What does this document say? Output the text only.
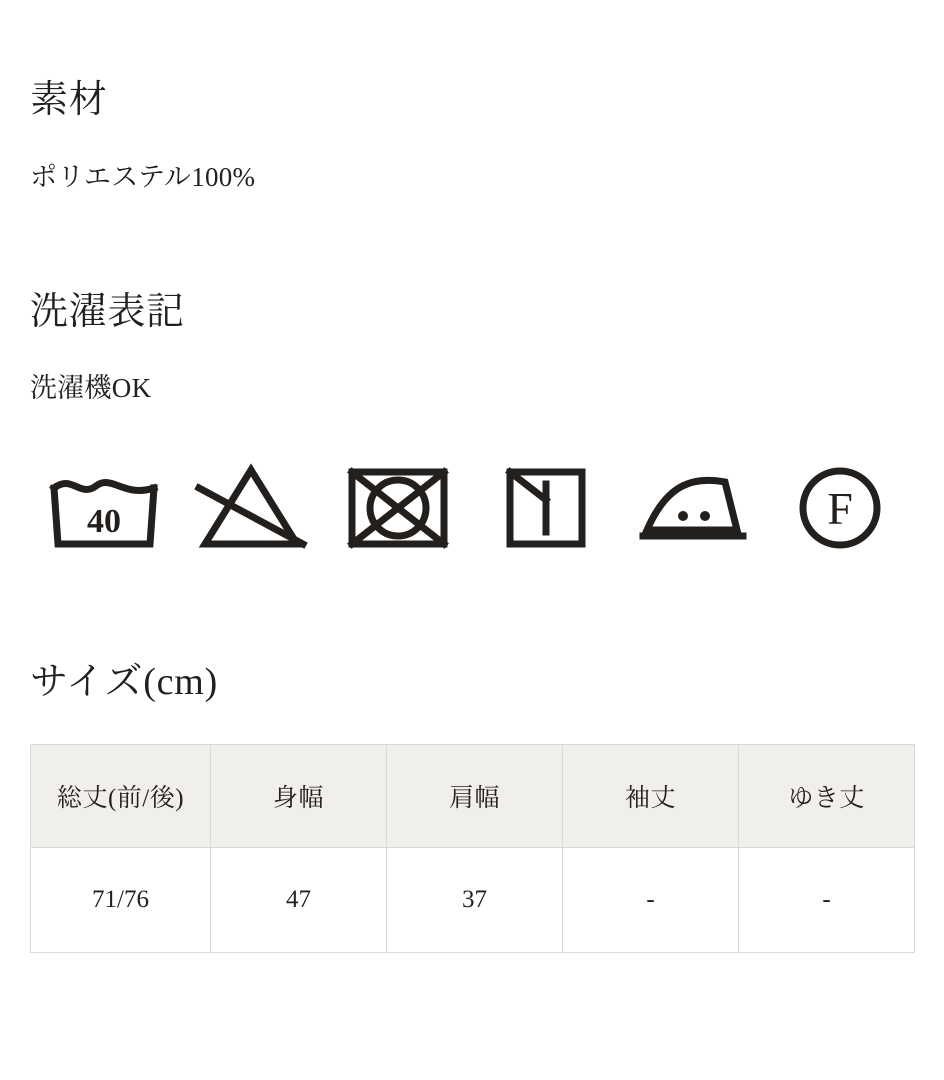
素材

ポリエステル100%

洗濯表記

洗濯機OK

40	F
サイズ(cm)
総丈(前/後)	身幅	肩幅	袖丈	ゆき丈
71/76	47	37	-	-
